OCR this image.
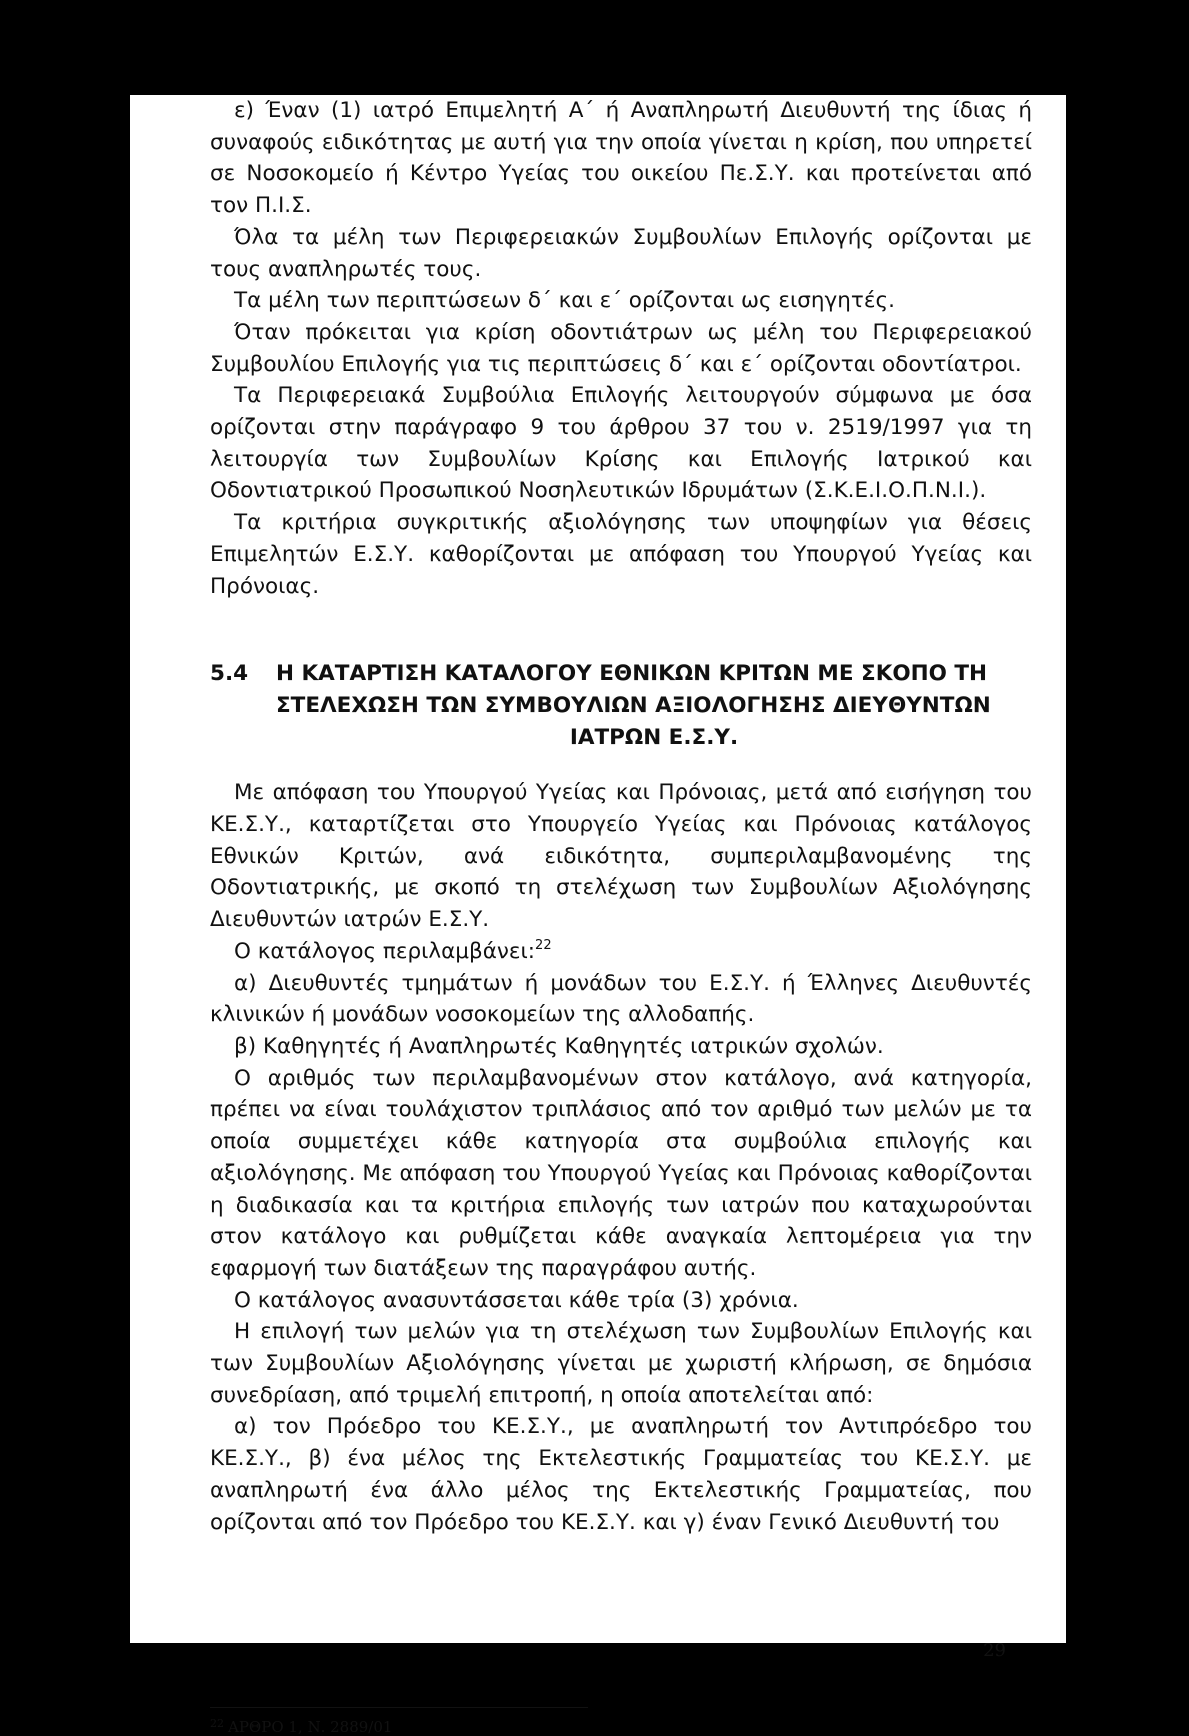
ε) Έναν (1) ιατρό Επιμελητή Α΄ ή Αναπληρωτή Διευθυντή της ίδιας ή συναφούς ειδικότητας με αυτή για την οποία γίνεται η κρίση, που υπηρετεί σε Νοσοκομείο ή Κέντρο Υγείας του οικείου Πε.Σ.Υ. και προτείνεται από τον Π.Ι.Σ.

Όλα τα μέλη των Περιφερειακών Συμβουλίων Επιλογής ορίζονται με τους αναπληρωτές τους.

Τα μέλη των περιπτώσεων δ΄ και ε΄ ορίζονται ως εισηγητές.

Όταν πρόκειται για κρίση οδοντιάτρων ως μέλη του Περιφερειακού Συμβουλίου Επιλογής για τις περιπτώσεις δ΄ και ε΄ ορίζονται οδοντίατροι.

Τα Περιφερειακά Συμβούλια Επιλογής λειτουργούν σύμφωνα με όσα ορίζονται στην παράγραφο 9 του άρθρου 37 του ν. 2519/1997 για τη λειτουργία των Συμβουλίων Κρίσης και Επιλογής Ιατρικού και Οδοντιατρικού Προσωπικού Νοσηλευτικών Ιδρυμάτων (Σ.Κ.Ε.Ι.Ο.Π.Ν.Ι.).

Τα κριτήρια συγκριτικής αξιολόγησης των υποψηφίων για θέσεις Επιμελητών Ε.Σ.Υ. καθορίζονται με απόφαση του Υπουργού Υγείας και Πρόνοιας.

5.4	Η ΚΑΤΑΡΤΙΣΗ ΚΑΤΑΛΟΓΟΥ ΕΘΝΙΚΩΝ ΚΡΙΤΩΝ ΜΕ ΣΚΟΠΟ ΤΗ
ΣΤΕΛΕΧΩΣΗ ΤΩΝ ΣΥΜΒΟΥΛΙΩΝ ΑΞΙΟΛΟΓΗΣΗΣ ΔΙΕΥΘΥΝΤΩΝ
ΙΑΤΡΩΝ Ε.Σ.Υ.

Με απόφαση του Υπουργού Υγείας και Πρόνοιας, μετά από εισήγηση του ΚΕ.Σ.Υ., καταρτίζεται στο Υπουργείο Υγείας και Πρόνοιας κατάλογος Εθνικών Κριτών, ανά ειδικότητα, συμπεριλαμβανομένης της Οδοντιατρικής, με σκοπό τη στελέχωση των Συμβουλίων Αξιολόγησης Διευθυντών ιατρών Ε.Σ.Υ.

Ο κατάλογος περιλαμβάνει:$^{22}$

α) Διευθυντές τμημάτων ή μονάδων του Ε.Σ.Υ. ή Έλληνες Διευθυντές κλινικών ή μονάδων νοσοκομείων της αλλοδαπής.

β) Καθηγητές ή Αναπληρωτές Καθηγητές ιατρικών σχολών.

Ο αριθμός των περιλαμβανομένων στον κατάλογο, ανά κατηγορία, πρέπει να είναι τουλάχιστον τριπλάσιος από τον αριθμό των μελών με τα οποία συμμετέχει κάθε κατηγορία στα συμβούλια επιλογής και αξιολόγησης. Με απόφαση του Υπουργού Υγείας και Πρόνοιας καθορίζονται η διαδικασία και τα κριτήρια επιλογής των ιατρών που καταχωρούνται στον κατάλογο και ρυθμίζεται κάθε αναγκαία λεπτομέρεια για την εφαρμογή των διατάξεων της παραγράφου αυτής.

Ο κατάλογος ανασυντάσσεται κάθε τρία (3) χρόνια.

Η επιλογή των μελών για τη στελέχωση των Συμβουλίων Επιλογής και των Συμβουλίων Αξιολόγησης γίνεται με χωριστή κλήρωση, σε δημόσια συνεδρίαση, από τριμελή επιτροπή, η οποία αποτελείται από:

α) τον Πρόεδρο του ΚΕ.Σ.Υ., με αναπληρωτή τον Αντιπρόεδρο του ΚΕ.Σ.Υ., β) ένα μέλος της Εκτελεστικής Γραμματείας του ΚΕ.Σ.Υ. με αναπληρωτή ένα άλλο μέλος της Εκτελεστικής Γραμματείας, που ορίζονται από τον Πρόεδρο του ΚΕ.Σ.Υ. και γ) έναν Γενικό Διευθυντή του

$^{22}$ ΑΡΘΡΟ 1, Ν. 2889/01
29
